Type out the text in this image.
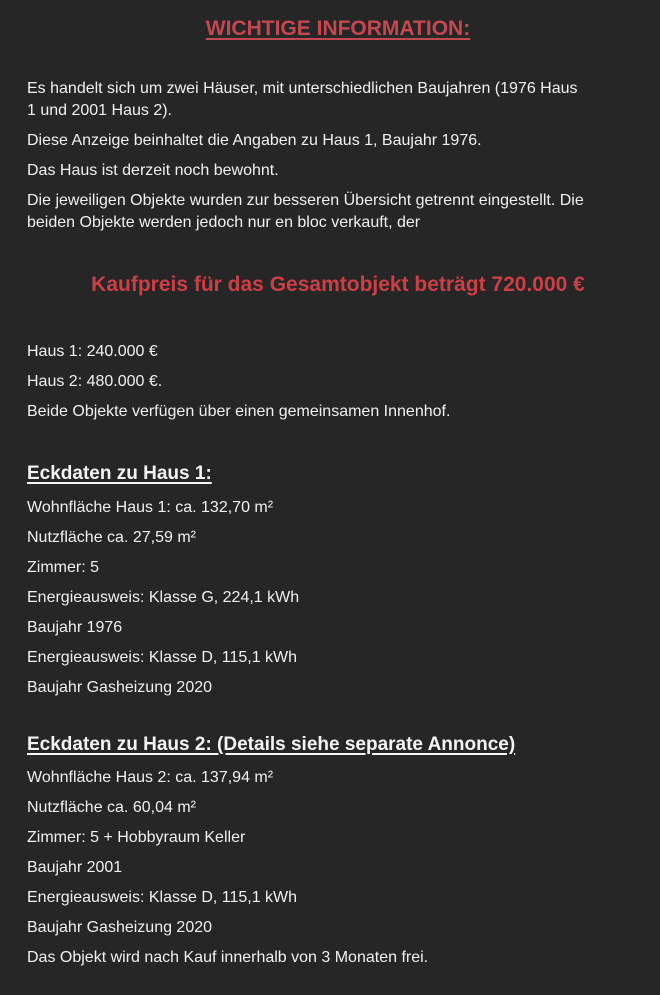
WICHTIGE INFORMATION:

Es handelt sich um zwei Häuser, mit unterschiedlichen Baujahren (1976 Haus
1 und 2001 Haus 2).

Diese Anzeige beinhaltet die Angaben zu Haus 1, Baujahr 1976.

Das Haus ist derzeit noch bewohnt.

Die jeweiligen Objekte wurden zur besseren Übersicht getrennt eingestellt. Die
beiden Objekte werden jedoch nur en bloc verkauft, der

Kaufpreis für das Gesamtobjekt beträgt 720.000 €

Haus 1: 240.000 €

Haus 2: 480.000 €.

Beide Objekte verfügen über einen gemeinsamen Innenhof.

Eckdaten zu Haus 1:

Wohnfläche Haus 1: ca. 132,70 m²

Nutzfläche ca. 27,59 m²

Zimmer: 5

Energieausweis: Klasse G, 224,1 kWh

Baujahr 1976

Energieausweis: Klasse D, 115,1 kWh

Baujahr Gasheizung 2020

Eckdaten zu Haus 2: (Details siehe separate Annonce)

Wohnfläche Haus 2: ca. 137,94 m²

Nutzfläche ca. 60,04 m²

Zimmer: 5 + Hobbyraum Keller

Baujahr 2001

Energieausweis: Klasse D, 115,1 kWh

Baujahr Gasheizung 2020

Das Objekt wird nach Kauf innerhalb von 3 Monaten frei.
